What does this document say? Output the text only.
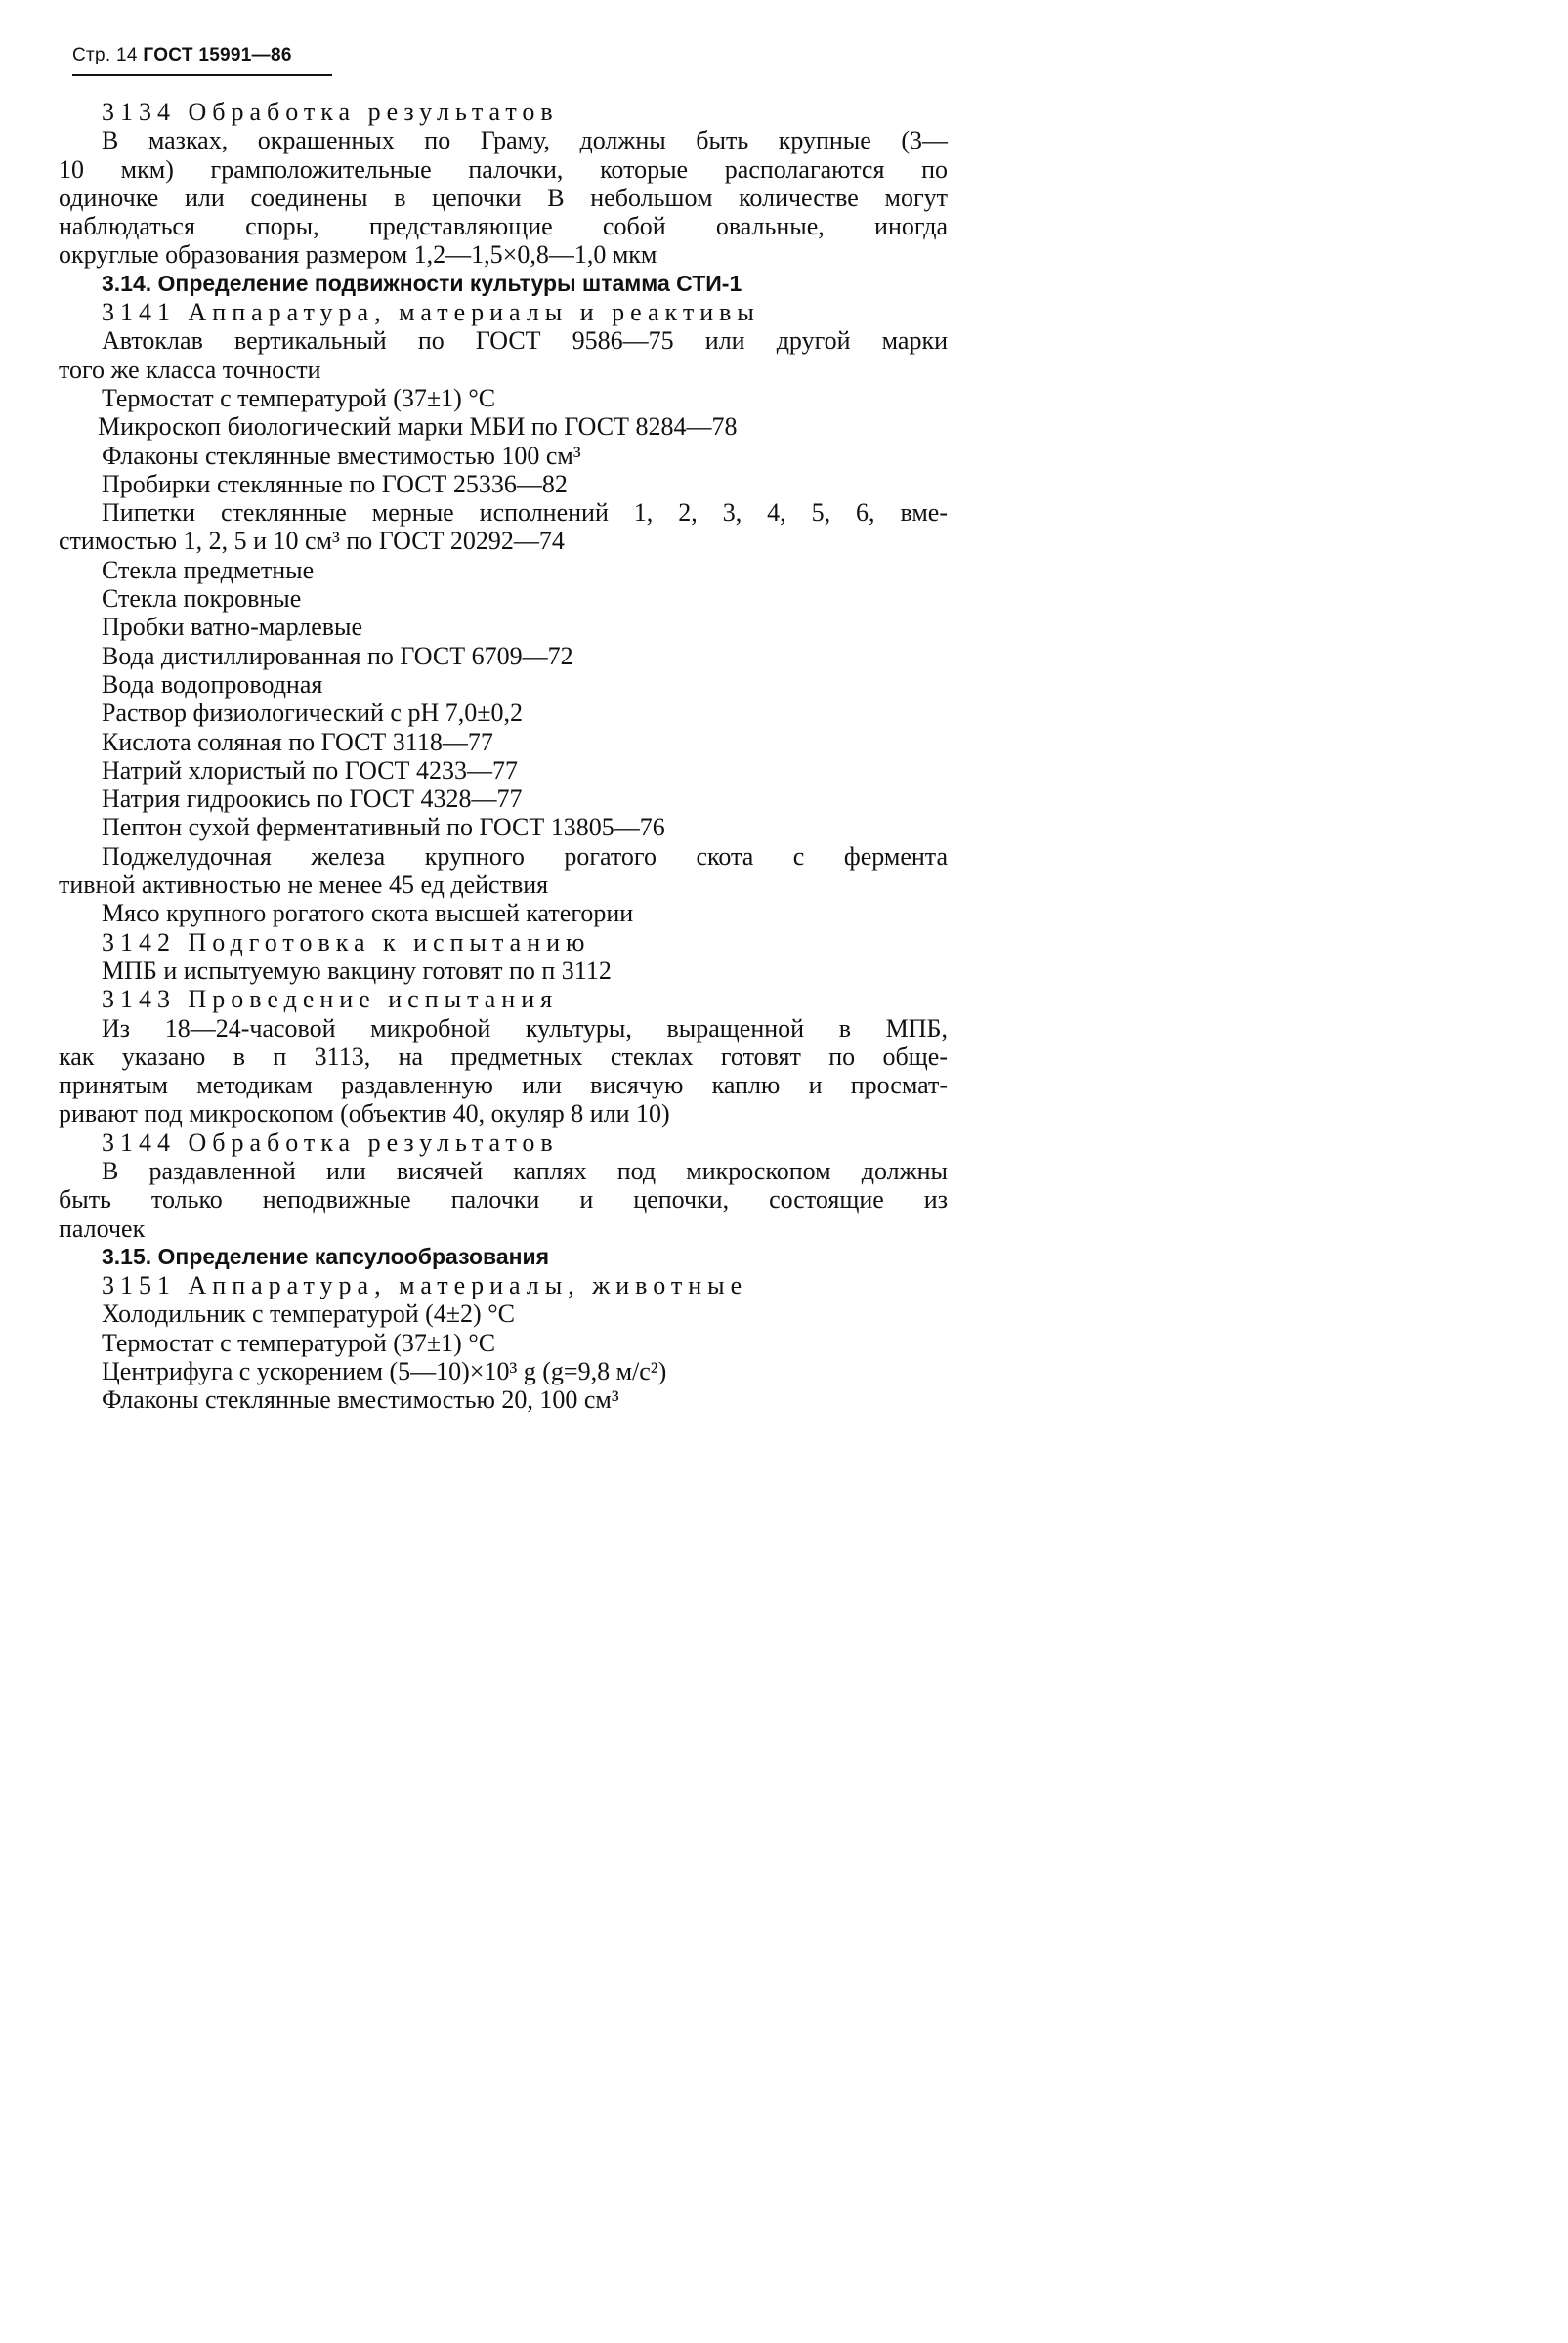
Стр. 14 ГОСТ 15991—86
3134 Обработка результатов
В мазках, окрашенных по Граму, должны быть крупные (3—
10 мкм) грамположительные палочки, которые располагаются по
одиночке или соединены в цепочки В небольшом количестве могут
наблюдаться споры, представляющие собой овальные, иногда
округлые образования размером 1,2—1,5×0,8—1,0 мкм
3.14. Определение подвижности культуры штамма СТИ-1
3141 Аппаратура, материалы и реактивы
Автоклав вертикальный по ГОСТ 9586—75 или другой марки
того же класса точности
Термостат с температурой (37±1) °С
Микроскоп биологический марки МБИ по ГОСТ 8284—78
Флаконы стеклянные вместимостью 100 см³
Пробирки стеклянные по ГОСТ 25336—82
Пипетки стеклянные мерные исполнений 1, 2, 3, 4, 5, 6, вме-
стимостью 1, 2, 5 и 10 см³ по ГОСТ 20292—74
Стекла предметные
Стекла покровные
Пробки ватно-марлевые
Вода дистиллированная по ГОСТ 6709—72
Вода водопроводная
Раствор физиологический с pH 7,0±0,2
Кислота соляная по ГОСТ 3118—77
Натрий хлористый по ГОСТ 4233—77
Натрия гидроокись по ГОСТ 4328—77
Пептон сухой ферментативный по ГОСТ 13805—76
Поджелудочная железа крупного рогатого скота с фермента
тивной активностью не менее 45 ед действия
Мясо крупного рогатого скота высшей категории
3142 Подготовка к испытанию
МПБ и испытуемую вакцину готовят по п 3112
3143 Проведение испытания
Из 18—24-часовой микробной культуры, выращенной в МПБ,
как указано в п 3113, на предметных стеклах готовят по обще-
принятым методикам раздавленную или висячую каплю и просмат-
ривают под микроскопом (объектив 40, окуляр 8 или 10)
3144 Обработка результатов
В раздавленной или висячей каплях под микроскопом должны
быть только неподвижные палочки и цепочки, состоящие из
палочек
3.15. Определение капсулообразования
3151 Аппаратура, материалы, животные
Холодильник с температурой (4±2) °С
Термостат с температурой (37±1) °С
Центрифуга с ускорением (5—10)×10³ g (g=9,8 м/с²)
Флаконы стеклянные вместимостью 20, 100 см³
